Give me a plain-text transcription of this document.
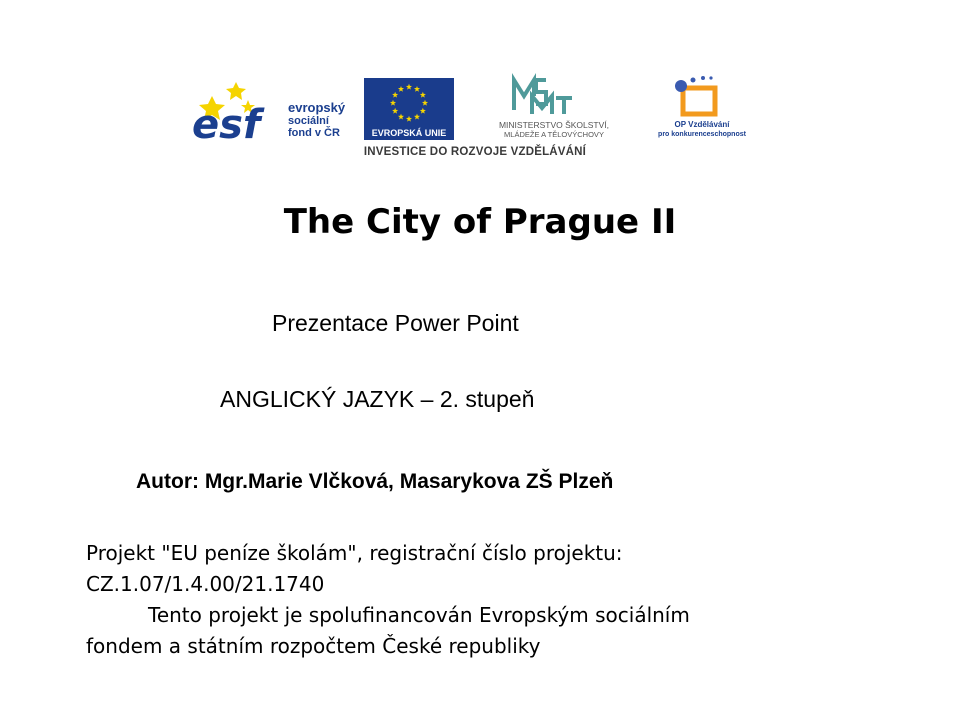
esf	evropský
sociální
fond v ČR	EVROPSKÁ UNIE
MINISTERSTVO ŠKOLSTVÍ,
MLÁDEŽE A TĚLOVÝCHOVY
OP Vzdělávání
pro konkurenceschopnost
INVESTICE DO ROZVOJE VZDĚLÁVÁNÍ
The City of Prague II
Prezentace Power Point
ANGLICKÝ JAZYK – 2. stupeň
Autor: Mgr.Marie Vlčková, Masarykova ZŠ Plzeň
Projekt "EU peníze školám", registrační číslo projektu:
CZ.1.07/1.4.00/21.1740
Tento projekt je spolufinancován Evropským sociálním
fondem a státním rozpočtem České republiky
